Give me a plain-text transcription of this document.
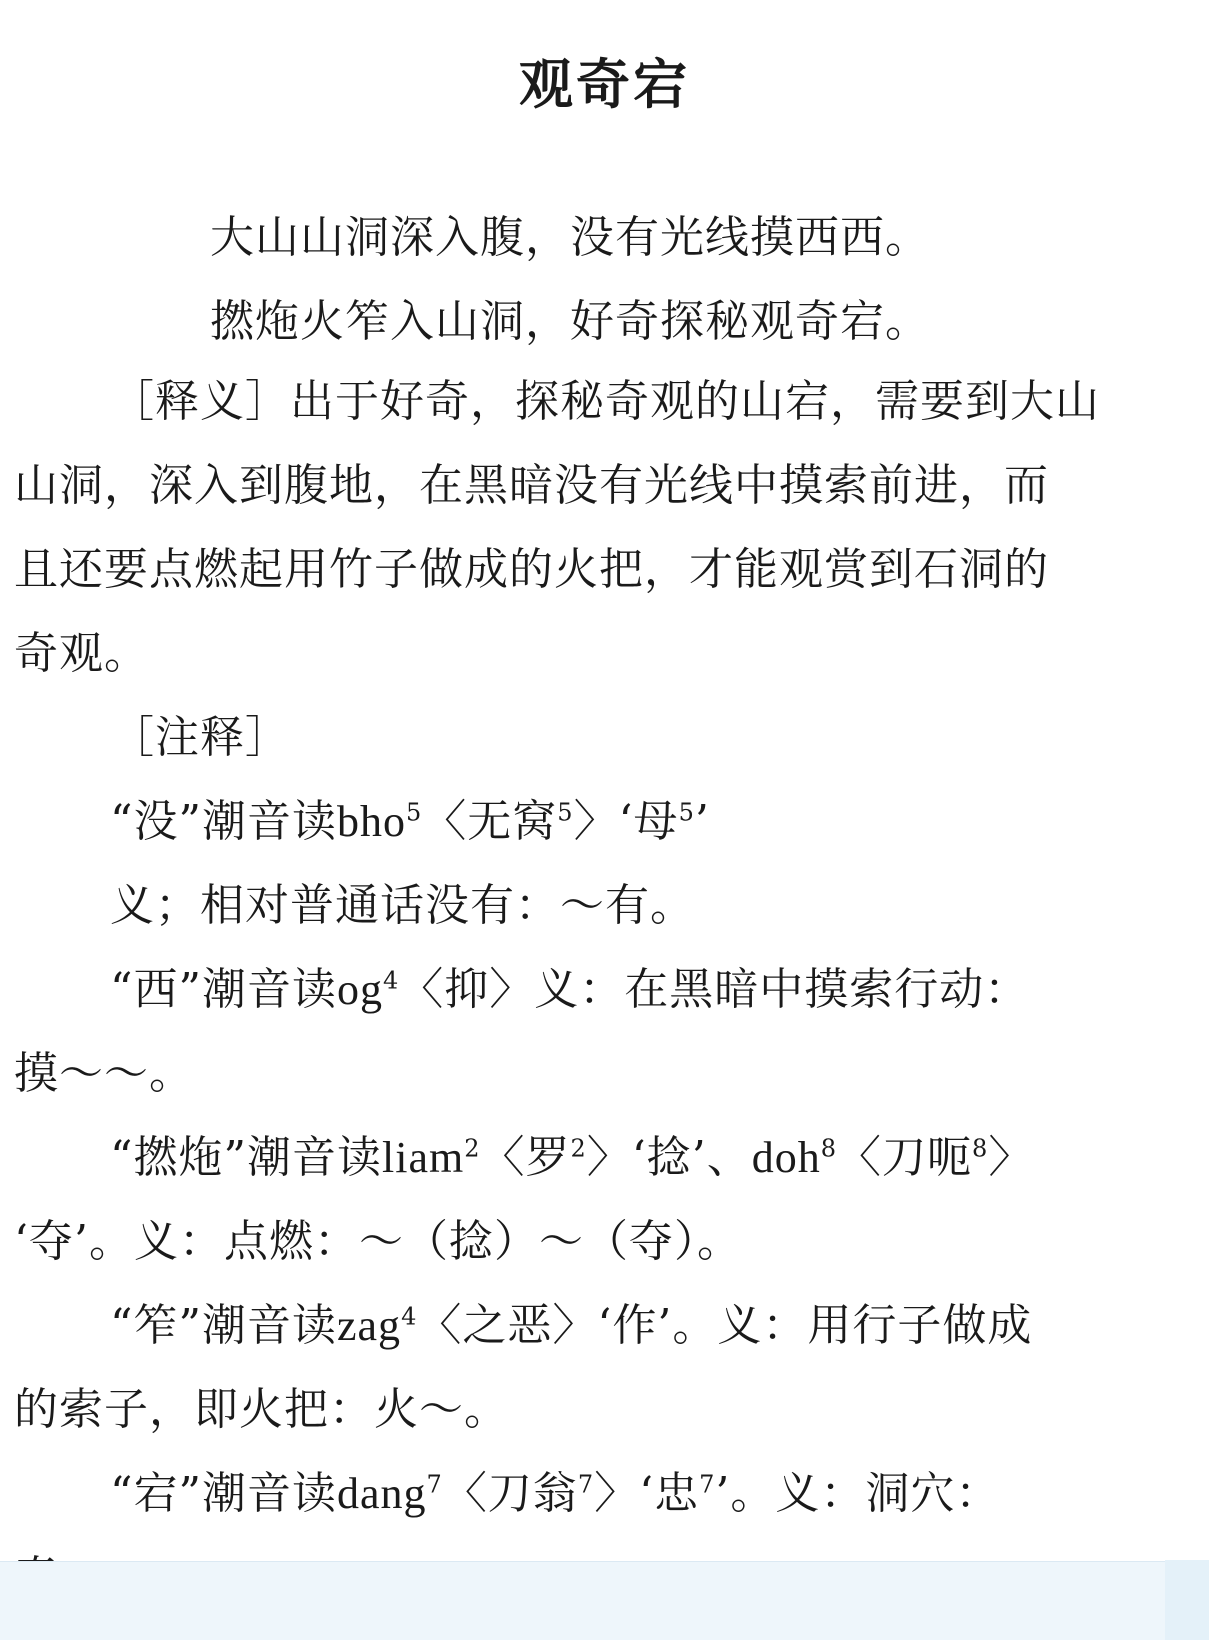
观奇宕
大山山洞深入腹，没有光线摸西西。
撚炧火笮入山洞，好奇探秘观奇宕。
［释义］出于好奇，探秘奇观的山宕，需要到大山
山洞，深入到腹地，在黑暗没有光线中摸索前进，而
且还要点燃起用竹子做成的火把，才能观赏到石洞的
奇观。
［注释］
“没”潮音读bho$^5$〈无窝$^5$〉‘母$^5$’
义；相对普通话没有：～有。
“西”潮音读$og^4$〈抑〉义：在黑暗中摸索行动：
摸～～。
“撚炧”潮音读liam$^2$〈罗$^2$〉‘捻’、doh$^8$〈刀呃$^8$〉
‘夺’。义：点燃：～（捻）～（夺）。
“笮”潮音读zag$^4$〈之恶〉‘作’。义：用行子做成
的索子，即火把：火～。
“宕”潮音读dang$^7$〈刀翁$^7$〉‘忠$^7$’。义：洞穴：
